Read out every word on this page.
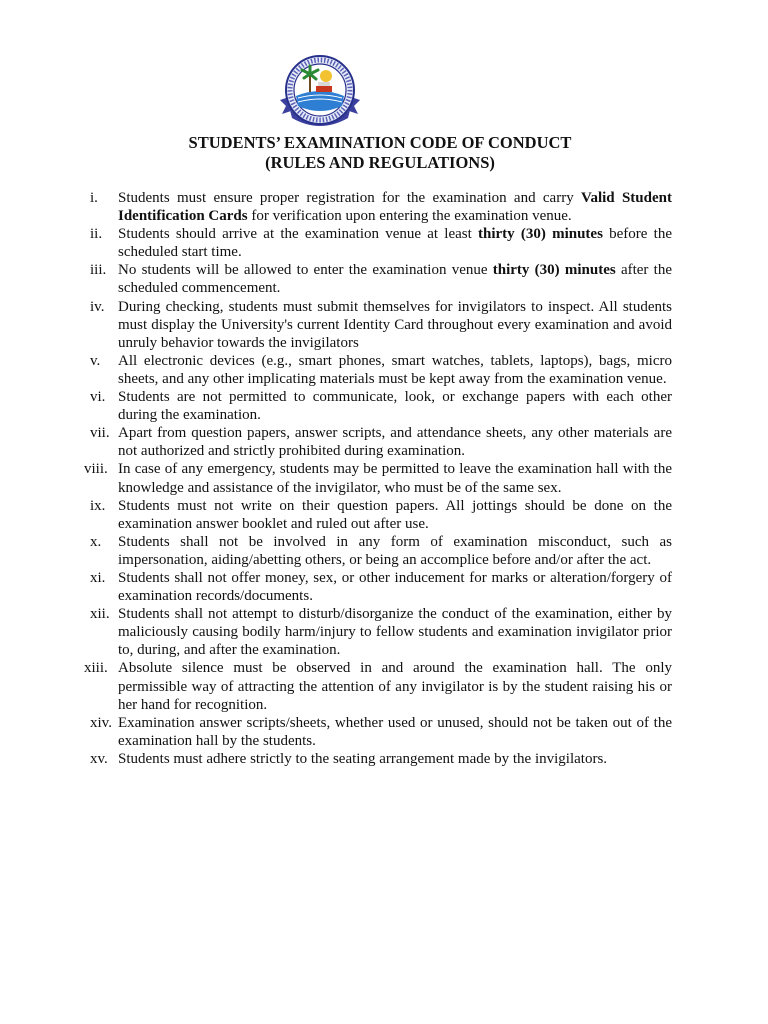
STUDENTS’ EXAMINATION CODE OF CONDUCT
(RULES AND REGULATIONS)
i.	Students must ensure proper registration for the examination and carry Valid Student Identification Cards for verification upon entering the examination venue.
ii.	Students should arrive at the examination venue at least thirty (30) minutes before the scheduled start time.
iii. No students will be allowed to enter the examination venue thirty (30) minutes after the scheduled commencement.
iv. During checking, students must submit themselves for invigilators to inspect. All students must display the University's current Identity Card throughout every examination and avoid unruly behavior towards the invigilators
v.	All electronic devices (e.g., smart phones, smart watches, tablets, laptops), bags, micro sheets, and any other implicating materials must be kept away from the examination venue.
vi. Students are not permitted to communicate, look, or exchange papers with each other during the examination.
vii. Apart from question papers, answer scripts, and attendance sheets, any other materials are not authorized and strictly prohibited during examination.
viii. In case of any emergency, students may be permitted to leave the examination hall with the knowledge and assistance of the invigilator, who must be of the same sex.
ix. Students must not write on their question papers. All jottings should be done on the examination answer booklet and ruled out after use.
x.	Students shall not be involved in any form of examination misconduct, such as impersonation, aiding/abetting others, or being an accomplice before and/or after the act.
xi. Students shall not offer money, sex, or other inducement for marks or alteration/forgery of examination records/documents.
xii. Students shall not attempt to disturb/disorganize the conduct of the examination, either by maliciously causing bodily harm/injury to fellow students and examination invigilator prior to, during, and after the examination.
xiii. Absolute silence must be observed in and around the examination hall. The only permissible way of attracting the attention of any invigilator is by the student raising his or her hand for recognition.
xiv. Examination answer scripts/sheets, whether used or unused, should not be taken out of the examination hall by the students.
xv. Students must adhere strictly to the seating arrangement made by the invigilators.
